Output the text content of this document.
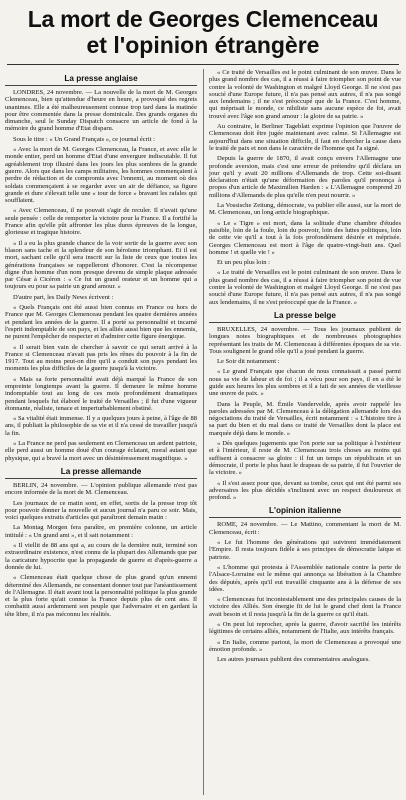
La mort de Georges Clemenceau
et l'opinion étrangère
La presse anglaise

LONDRES, 24 novembre. — La nouvelle de la mort de M. Georges Clemenceau, bien qu'attendue d'heure en heure, a provoqué des regrets unanimes. Elle a été malheureusement connue trop tard dans la matinée pour être commentée dans la presse dominicale. Des grands organes du dimanche, seul le Sunday Dispatch consacre un article de fond à la mémoire du grand homme d'Etat disparu.

Sous le titre : « Un Grand Français », ce journal écrit :

« Avec la mort de M. Georges Clemenceau, la France, et avec elle le monde entier, perd un homme d'Etat d'une envergure indiscutable. Il fut agréablement trop illustré dans les jours les plus sombres de la grande guerre. Alors que dans les camps militaires, les hommes commençaient à perdre de rédaction et de compromis avec l'ennemi, au moment où des soldats commençaient à se regarder avec un air de défiance, sa figure grande et dure s'élevait telle une « tour de force » bravant les rafales qui soufflaient.

« Avec Clemenceau, il ne pouvait s'agir de reculer. Il n'avait qu'une seule pensée : celle de remporter la victoire pour la France. Il a fortifié la France afin qu'elle pût affronter les plus dures épreuves de la longue, glorieuse et tragique histoire.

« Il a eu la plus grande chance de la voir sortir de la guerre avec son blason sans tache et la splendeur de son héroïsme triomphant. Et il est mort, sachant celle qu'il sera inscrit sur la liste de ceux que toutes les générations françaises se rappelleront d'honorer. C'est la récompense digne d'un homme d'un nom presque devenu de simple plaque adressée par César à Cicéron : « Ce fut un grand orateur et un homme qui a toujours eu pour sa patrie un grand amour. »

D'autre part, les Daily News écrivent :

« Quels Français ont été aussi bien connus en France ou hors de France que M. Georges Clemenceau pendant les quatre dernières années et pendant les années de la guerre. Il a porté sa personnalité et incarné l'esprit indomptable de son pays, et les alliés aussi bien que les ennemis, ne purent l'empêcher de respecter et d'admirer cette figure énergique.

« Il serait bien vain de chercher à savoir ce qui serait arrivé à la France si Clemenceau n'avait pas pris les rênes du pouvoir à la fin de 1917. Tout au moins peut-on dire qu'il a conduit son pays pendant les moments les plus difficiles de la guerre jusqu'à la victoire.

« Mais sa forte personnalité avait déjà marqué la France de son empreinte longtemps avant la guerre. Il demeure le même homme indomptable tout au long de ces mois profondément dramatiques pendant lesquels fut élaboré le traité de Versailles ; il fut d'une vigueur étonnante, réaliste, tenace et imperturbablement obstiné.

« Sa vitalité était immense. Il y a quelques jours à peine, à l'âge de 88 ans, il publiait la philosophie de sa vie et il n'a cessé de travailler jusqu'à la fin.

« La France ne perd pas seulement en Clemenceau un ardent patriote, elle perd aussi un homme doué d'un courage éclatant, moral autant que physique, qui a bravé la mort avec un désintéressement magnifique. »

La presse allemande

BERLIN, 24 novembre. — L'opinion publique allemande n'est pas encore informée de la mort de M. Clemenceau.

Les journaux de ce matin sont, en effet, sortis de la presse trop tôt pour pouvoir donner la nouvelle et aucun journal n'a paru ce soir. Mais, voici quelques extraits d'articles qui paraîtront demain matin :

La Montag Morgen fera paraître, en première colonne, un article intitulé : « Un grand ami », et il sait notamment :

« Il viellit de 88 ans qui a, au cours de la dernière nuit, terminé son extraordinaire existence, n'est connu de la plupart des Allemands que par la caricature hypocrite que la propagande de guerre et d'après-guerre a donnée de lui.

« Clemenceau était quelque chose de plus grand qu'un ennemi déterminé des Allemands, ne consentant donner tout par l'anéantissement de l'Allemagne. Il était avant tout la personnalité politique la plus grande et la plus forte qu'ait connue la France depuis plus de cent ans. Il combattit aussi ardemment son peuple que l'adversaire et en gardant la tête libre, il n'a pas méconnu les réalités.

« Ce traité de Versailles est le point culminant de son œuvre. Dans le plus grand nombre des cas, il a réussi à faire triompher son point de vue contre la volonté de Washington et malgré Lloyd George. Il ne s'est pas soucié d'une Europe future, il n'a pas pensé aux autres, il n'a pas songé aux lendemains ; il ne s'est préoccupé que de la France. C'est homme, qui méprisait le monde, ce nihiliste sans aucune espèce de foi, avait trouvé avec l'âge son grand amour : la gloire de sa patrie. »

Au contraire, le Berliner Tageblatt exprime l'opinion que l'œuvre de Clemenceau doit être jugée maintenant avec calme. Si l'Allemagne est aujourd'hui dans une situation difficile, il faut en chercher la cause dans le traité de paix et non dans le caractère de l'homme qui l'a signé.

Depuis la guerre de 1870, il avait conçu envers l'Allemagne une profonde aversion, mais c'est une erreur de prétendre qu'il déclara un jour qu'il y avait 20 millions d'Allemands de trop. Cette soi-disant déclaration n'était qu'une déformation des paroles qu'il prononça à propos d'un article de Maximilien Harden : « L'Allemagne comprend 20 millions d'Allemands de plus qu'elle n'en peut nourrir. »

La Vossische Zeitung, démocrate, va publier elle aussi, sur la mort de M. Clemenceau, un long article biographique.

« Le « Tigre » est mort, dans la solitude d'une chambre d'études paisible, loin de la foule, loin du pouvoir, loin des luttes politiques, loin de cette vie qu'il a tout à la fois profondément désirée et méprisée. Georges Clemenceau est mort à l'âge de quatre-vingt-huit ans. Quel homme ! et quelle vie ! »

Et un peu plus loin :

« Le traité de Versailles est le point culminant de son œuvre. Dans le plus grand nombre des cas, il a réussi à faire triompher son point de vue contre la volonté de Washington et malgré Lloyd George. Il ne s'est pas soucié d'une Europe future, il n'a pas pensé aux autres, il n'a pas songé aux lendemains, il ne s'est préoccupé que de la France. »

La presse belge

BRUXELLES, 24 novembre. — Tous les journaux publient de longues notes biographiques et de nombreuses photographies représentant les traits de M. Clemenceau à différentes époques de sa vie. Tous soulignent le grand rôle qu'il a joué pendant la guerre.

Le Soir dit notamment :

« Le grand Français que chacun de nous connaissait a passé parmi nous sa vie de labeur et de foi ; il a vécu pour son pays, il en a été le guide aux heures les plus sombres et il a fait de ses années de vieillesse une œuvre de paix. »

Dans la Peuple, M. Émile Vandervelde, après avoir rappelé les paroles adressées par M. Clemenceau à la délégation allemande lors des négociations du traité de Versailles, écrit notamment : « L'histoire tire à sa part du bien et du mal dans ce traité de Versailles dont la place est marquée déjà dans le monde. »

« Dès quelques jugements que l'on porte sur sa politique à l'extérieur et à l'intérieur, il reste de M. Clemenceau trois choses au moins qui suffisent à consacrer sa gloire : il fut un temps un républicain et un démocrate, il porte le plus haut le drapeau de sa patrie, il fut l'ouvrier de la victoire. »

« Il s'est assez pour que, devant sa tombe, ceux qui ont été parmi ses adversaires les plus décidés s'inclinent avec un respect douloureux et profond. »

L'opinion italienne

ROME, 24 novembre. — Le Mattino, commentant la mort de M. Clemenceau, écrit :

« Le fut l'homme des générations qui suivirent immédiatement l'Empire. Il resta toujours fidèle à ses principes de démocratie laïque et patriote.

« L'homme qui protesta à l'Assemblée nationale contre la perte de l'Alsace-Lorraine est le même qui annonça sa libération à la Chambre des députés, après qu'il eut travaillé cinquante ans à la défense de ses idées.

« Clemenceau fut incontestablement une des principales causes de la victoire des Alliés. Son énergie fit de lui le grand chef dont la France avait besoin et il resta jusqu'à la fin de la guerre ce qu'il était.

« On peut lui reprocher, après la guerre, d'avoir sacrifié les intérêts légitimes de certains alliés, notamment de l'Italie, aux intérêts français.

« En Italie, comme partout, la mort de Clemenceau a provoqué une émotion profonde. »

Les autres journaux publient des commentaires analogues.
